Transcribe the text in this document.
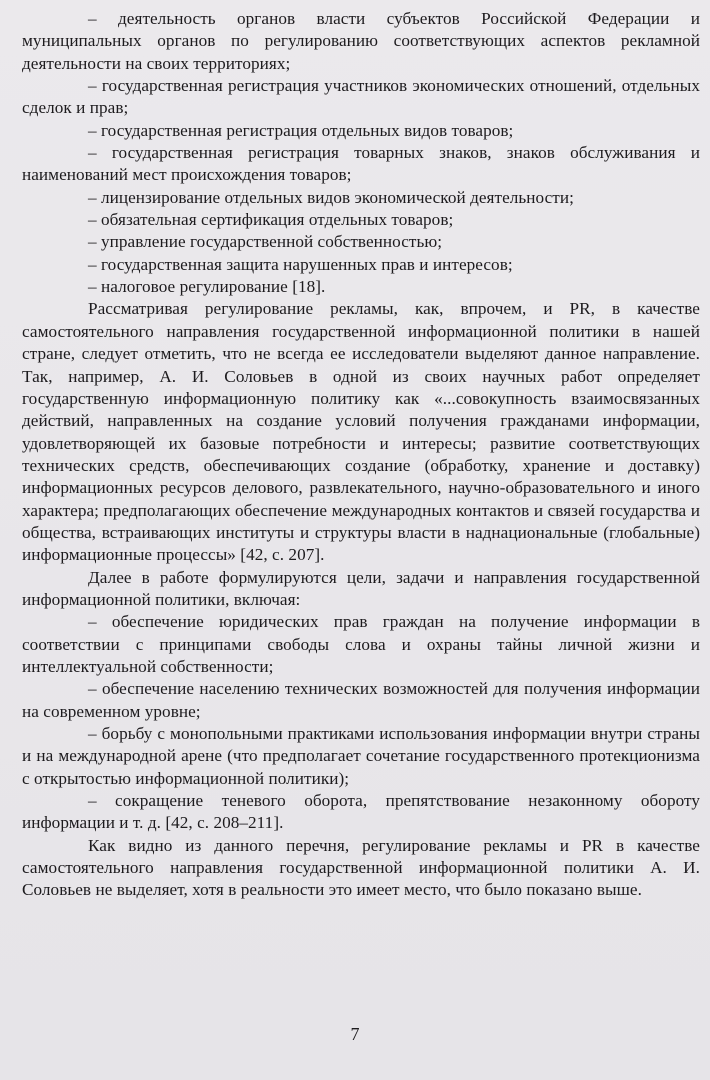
– деятельность органов власти субъектов Российской Федерации и муниципальных органов по регулированию соответствующих аспектов рекламной деятельности на своих территориях;

– государственная регистрация участников экономических отношений, отдельных сделок и прав;

– государственная регистрация отдельных видов товаров;

– государственная регистрация товарных знаков, знаков обслуживания и наименований мест происхождения товаров;

– лицензирование отдельных видов экономической деятельности;

– обязательная сертификация отдельных товаров;

– управление государственной собственностью;

– государственная защита нарушенных прав и интересов;

– налоговое регулирование [18].

Рассматривая регулирование рекламы, как, впрочем, и PR, в качестве самостоятельного направления государственной информационной политики в нашей стране, следует отметить, что не всегда ее исследователи выделяют данное направление. Так, например, А. И. Соловьев в одной из своих научных работ определяет государственную информационную политику как «...совокупность взаимосвязанных действий, направленных на создание условий получения гражданами информации, удовлетворяющей их базовые потребности и интересы; развитие соответствующих технических средств, обеспечивающих создание (обработку, хранение и доставку) информационных ресурсов делового, развлекательного, научно-образовательного и иного характера; предполагающих обеспечение международных контактов и связей государства и общества, встраивающих институты и структуры власти в наднациональные (глобальные) информационные процессы» [42, с. 207].

Далее в работе формулируются цели, задачи и направления государственной информационной политики, включая:

– обеспечение юридических прав граждан на получение информации в соответствии с принципами свободы слова и охраны тайны личной жизни и интеллектуальной собственности;

– обеспечение населению технических возможностей для получения информации на современном уровне;

– борьбу с монопольными практиками использования информации внутри страны и на международной арене (что предполагает сочетание государственного протекционизма с открытостью информационной политики);

– сокращение теневого оборота, препятствование незаконному обороту информации и т. д. [42, с. 208–211].

Как видно из данного перечня, регулирование рекламы и PR в качестве самостоятельного направления государственной информационной политики А. И. Соловьев не выделяет, хотя в реальности это имеет место, что было показано выше.

7
